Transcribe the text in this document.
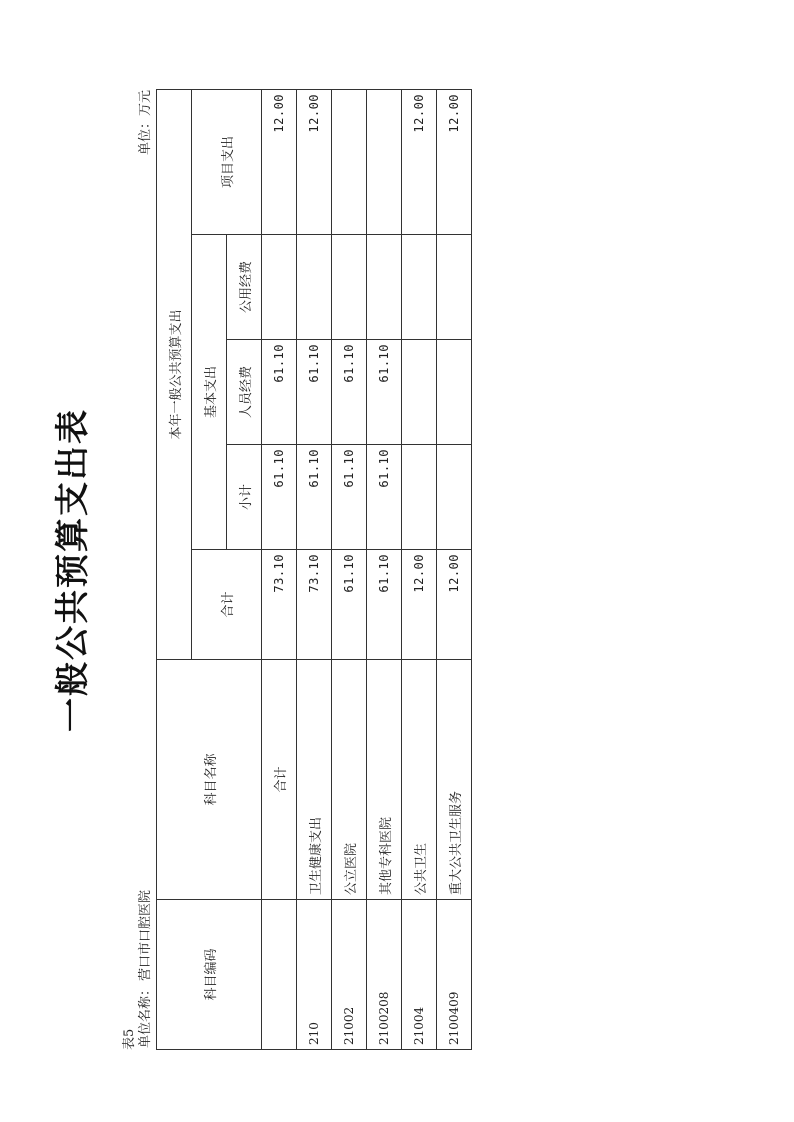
一般公共预算支出表
表5 单位名称：营口市口腔医院
单位：万元
科目编码	科目名称	本年一般公共预算支出				
		合计	基本支出			项目支出
			小计	人员经费	公用经费	
	合计	73.10	61.10	61.10		12.00
210	卫生健康支出	73.10	61.10	61.10		12.00
21002	公立医院	61.10	61.10	61.10		
2100208	其他专科医院	61.10	61.10	61.10		
21004	公共卫生	12.00				12.00
2100409	重大公共卫生服务	12.00				12.00
